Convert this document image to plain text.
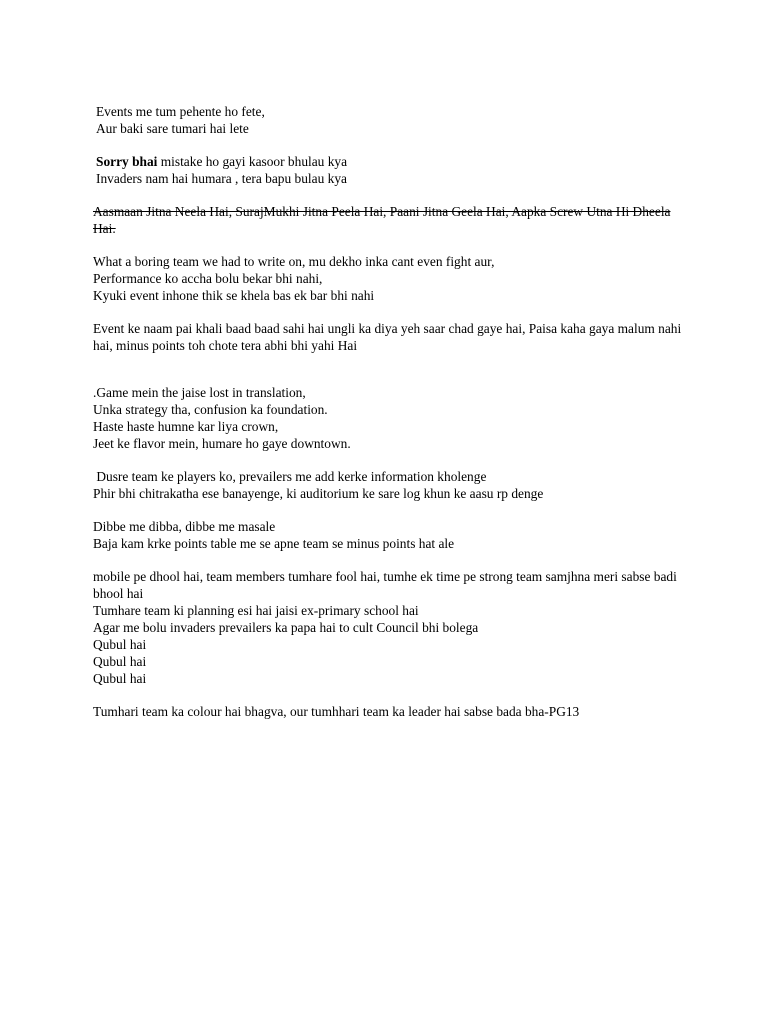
Events me tum pehente ho fete,
Aur baki sare tumari hai lete
Sorry bhai mistake ho gayi kasoor bhulau kya
Invaders nam hai humara , tera bapu bulau kya
Aasmaan Jitna Neela Hai, SurajMukhi Jitna Peela Hai, Paani Jitna Geela Hai, Aapka Screw Utna Hi Dheela Hai.
What a boring team we had to write on, mu dekho inka cant even fight aur,
Performance ko accha bolu bekar bhi nahi,
Kyuki event inhone thik se khela bas ek bar bhi nahi
Event ke naam pai khali baad baad sahi hai ungli ka diya yeh saar chad gaye hai, Paisa kaha gaya malum nahi hai, minus points toh chote tera abhi bhi yahi Hai
.Game mein the jaise lost in translation,
Unka strategy tha, confusion ka foundation.
Haste haste humne kar liya crown,
Jeet ke flavor mein, humare ho gaye downtown.
Dusre team ke players ko, prevailers me add kerke information kholenge
Phir bhi chitrakatha ese banayenge, ki auditorium ke sare log khun ke aasu rp denge
Dibbe me dibba, dibbe me masale
Baja kam krke points table me se apne team se minus points hat ale
mobile pe dhool hai, team members tumhare fool hai, tumhe ek time pe strong team samjhna meri sabse badi bhool hai
Tumhare team ki planning esi hai jaisi ex-primary school hai
Agar me bolu invaders prevailers ka papa hai to cult Council bhi bolega
Qubul hai
Qubul hai
Qubul hai
Tumhari team ka colour hai bhagva, our tumhhari team ka leader hai sabse bada bha-PG13
